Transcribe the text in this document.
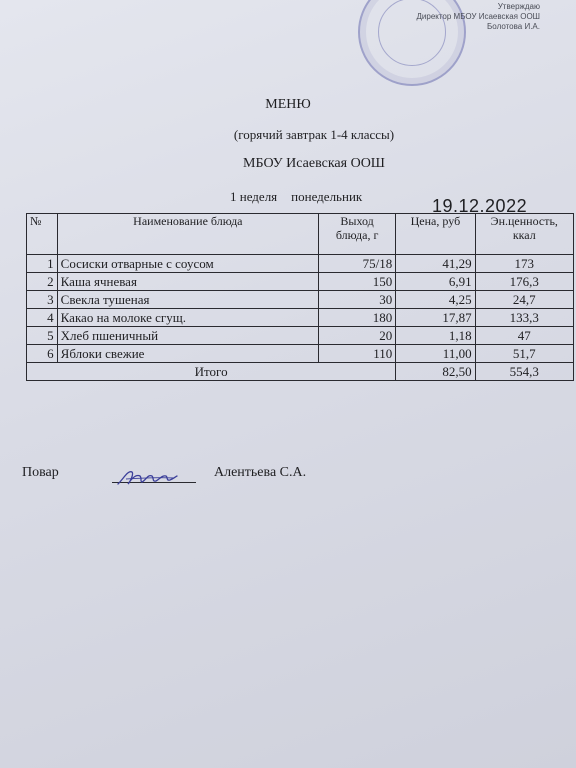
Утверждаю
Директор МБОУ Исаевская ООШ
Болотова И.А.
МЕНЮ
(горячий завтрак 1-4 классы)
МБОУ Исаевская ООШ
1 неделя понедельник	19.12.2022
№	Наименование блюда	Выход блюда, г	Цена, руб	Эн.ценность, ккал
1	Сосиски отварные с соусом	75/18	41,29	173
2	Каша ячневая	150	6,91	176,3
3	Свекла тушеная	30	4,25	24,7
4	Какао на молоке сгущ.	180	17,87	133,3
5	Хлеб пшеничный	20	1,18	47
6	Яблоки свежие	110	11,00	51,7
Итого			82,50	554,3
Повар	Алентьева С.А.
